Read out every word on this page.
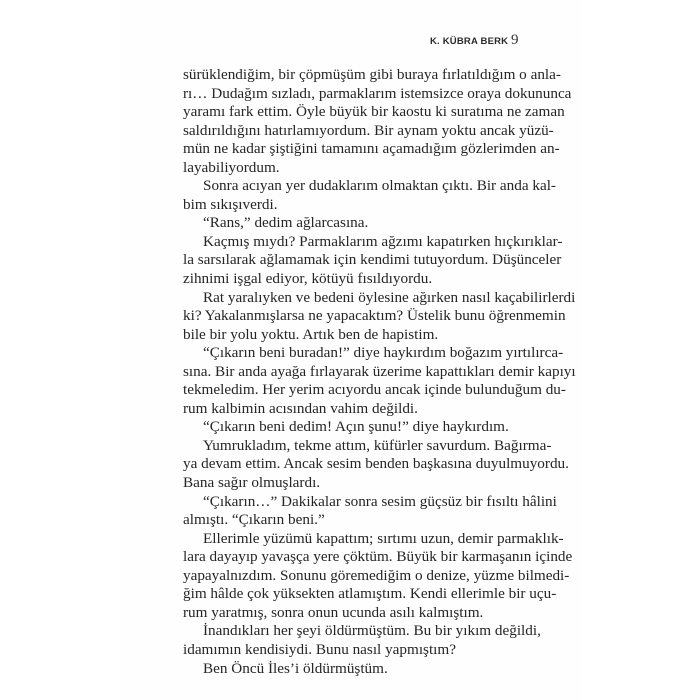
K. KÜBRA BERK 9
sürüklendiğim, bir çöpmüşüm gibi buraya fırlatıldığım o anla-
rı… Dudağım sızladı, parmaklarım istemsizce oraya dokununca
yaramı fark ettim. Öyle büyük bir kaostu ki suratıma ne zaman
saldırıldığını hatırlamıyordum. Bir aynam yoktu ancak yüzü-
mün ne kadar şiştiğini tamamını açamadığım gözlerimden an-
layabiliyordum.
Sonra acıyan yer dudaklarım olmaktan çıktı. Bir anda kal-
bim sıkışıverdi.
“Rans,” dedim ağlarcasına.
Kaçmış mıydı? Parmaklarım ağzımı kapatırken hıçkırıklar-
la sarsılarak ağlamamak için kendimi tutuyordum. Düşünceler
zihnimi işgal ediyor, kötüyü fısıldıyordu.
Rat yaralıyken ve bedeni öylesine ağırken nasıl kaçabilirlerdi
ki? Yakalanmışlarsa ne yapacaktım? Üstelik bunu öğrenmemin
bile bir yolu yoktu. Artık ben de hapistim.
“Çıkarın beni buradan!” diye haykırdım boğazım yırtılırca-
sına. Bir anda ayağa fırlayarak üzerime kapattıkları demir kapıyı
tekmeledim. Her yerim acıyordu ancak içinde bulunduğum du-
rum kalbimin acısından vahim değildi.
“Çıkarın beni dedim! Açın şunu!” diye haykırdım.
Yumrukladım, tekme attım, küfürler savurdum. Bağırma-
ya devam ettim. Ancak sesim benden başkasına duyulmuyordu.
Bana sağır olmuşlardı.
“Çıkarın…” Dakikalar sonra sesim güçsüz bir fısıltı hâlini
almıştı. “Çıkarın beni.”
Ellerimle yüzümü kapattım; sırtımı uzun, demir parmaklık-
lara dayayıp yavaşça yere çöktüm. Büyük bir karmaşanın içinde
yapayalnızdım. Sonunu göremediğim o denize, yüzme bilmedi-
ğim hâlde çok yüksekten atlamıştım. Kendi ellerimle bir uçu-
rum yaratmış, sonra onun ucunda asılı kalmıştım.
İnandıkları her şeyi öldürmüştüm. Bu bir yıkım değildi,
idamımın kendisiydi. Bunu nasıl yapmıştım?
Ben Öncü İles’i öldürmüştüm.
